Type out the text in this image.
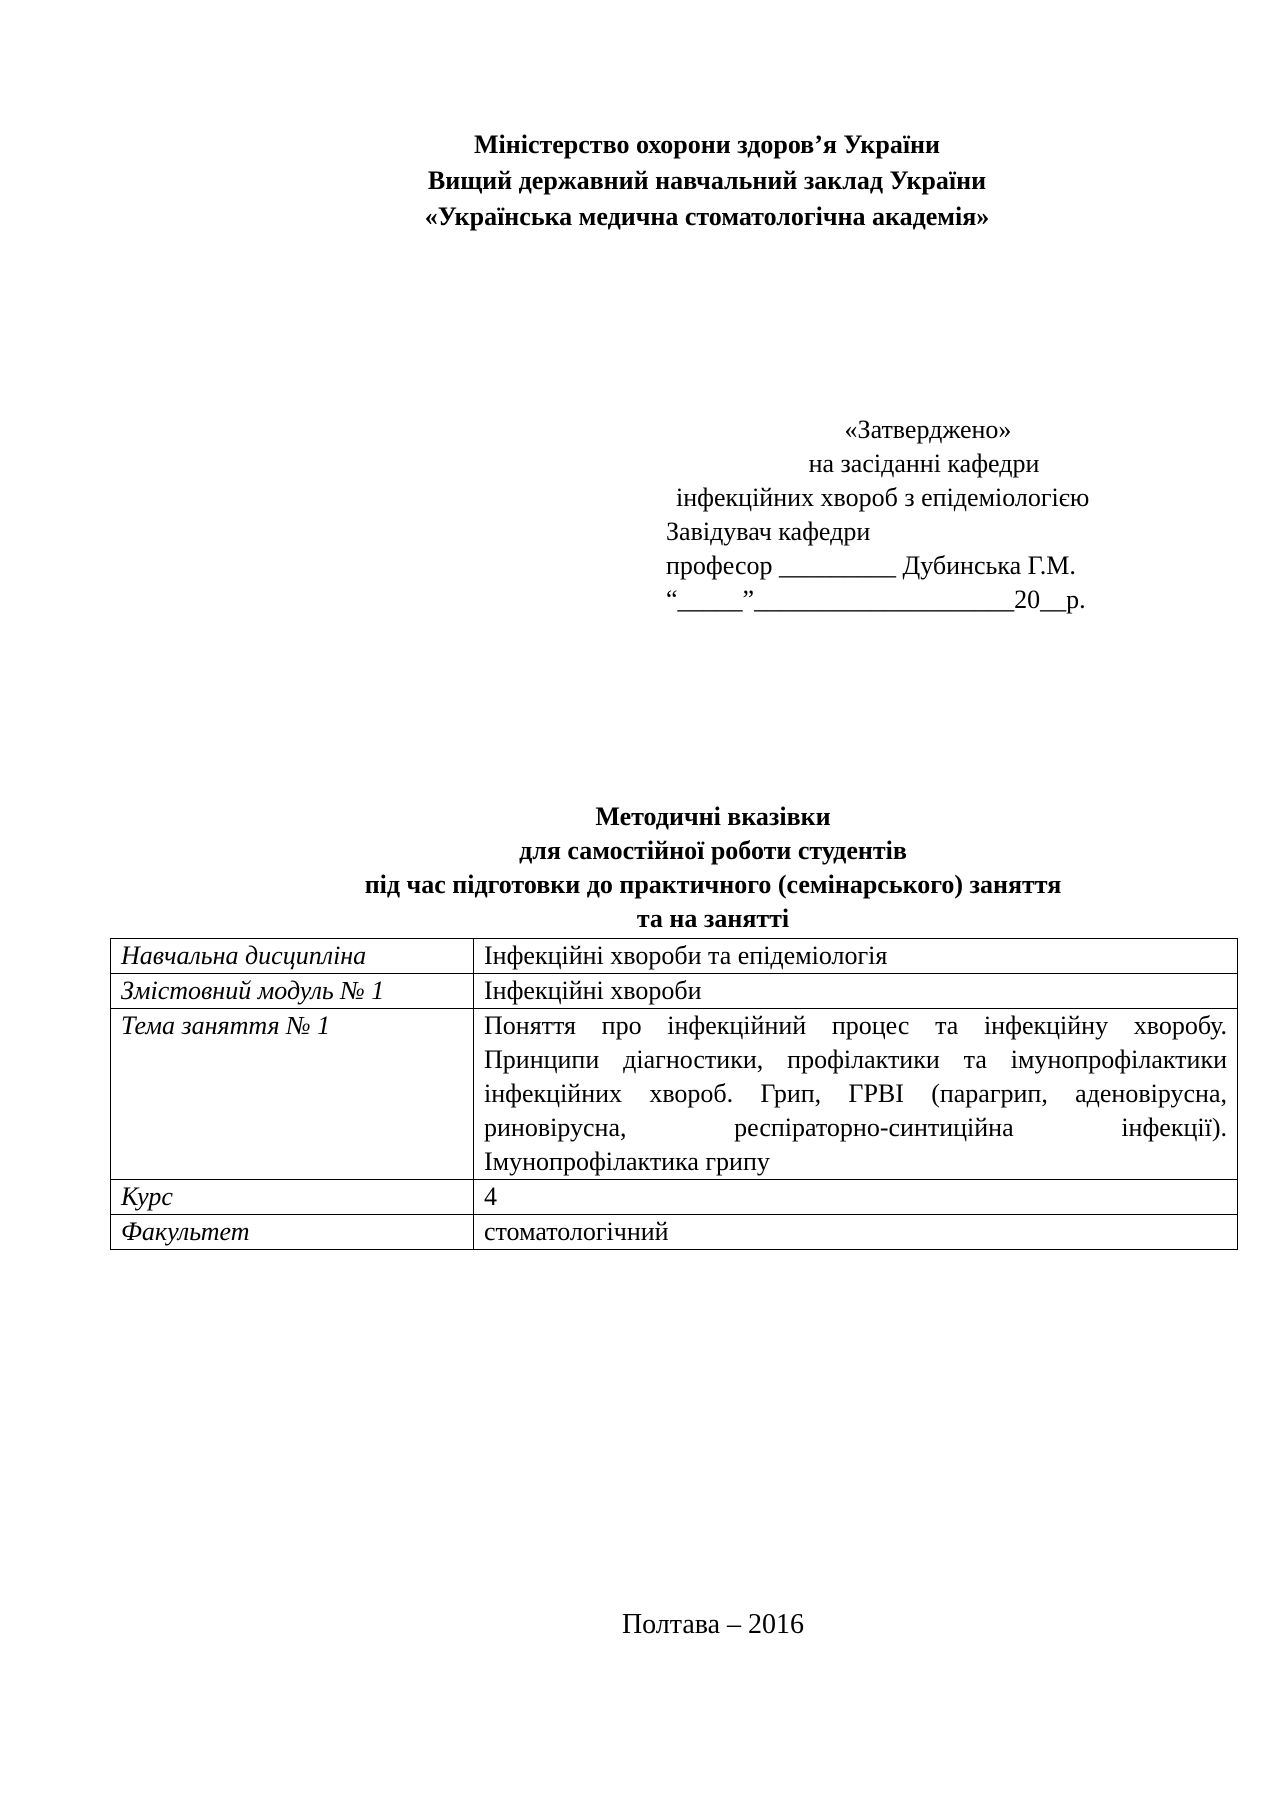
Міністерство охорони здоров’я України
Вищий державний навчальний заклад України
«Українська медична стоматологічна академія»
«Затверджено»
на засіданні кафедри
інфекційних хвороб з епідеміологією
Завідувач кафедри
професор _________ Дубинська Г.М.
“_____”____________________20__р.
Методичні вказівки
для самостійної роботи студентів
під час підготовки до практичного (семінарського) заняття
та на занятті
Навчальна дисципліна	Інфекційні хвороби та епідеміологія
Змістовний модуль № 1	Інфекційні хвороби
Тема заняття № 1	Поняття про інфекційний процес та інфекційну хворобу. Принципи діагностики, профілактики та імунопрофілактики інфекційних хвороб. Грип, ГРВІ (парагрип, аденовірусна, риновірусна, респіраторно-синтиційна інфекції). Імунопрофілактика грипу
Курс	4
Факультет	стоматологічний
Полтава – 2016
